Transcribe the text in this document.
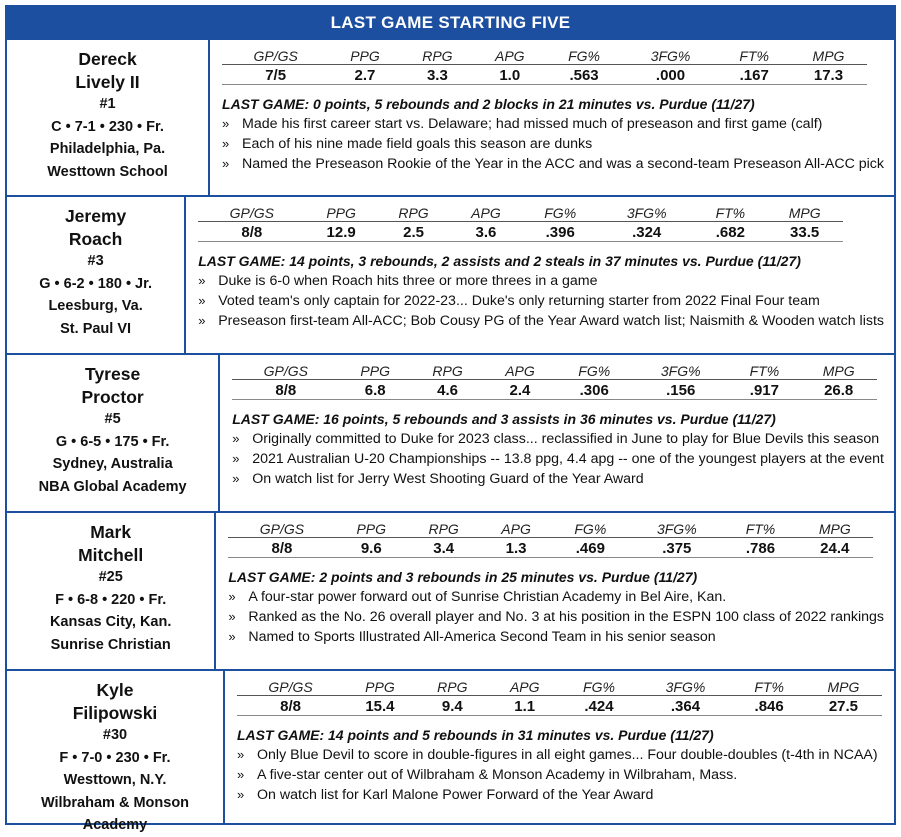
LAST GAME STARTING FIVE
Dereck
Lively II
#1
C • 7-1 • 230 • Fr.
Philadelphia, Pa.
Westtown School
GP/GS	PPG	RPG	APG	FG%	3FG%	FT%	MPG
7/5	2.7	3.3	1.0	.563	.000	.167	17.3
LAST GAME: 0 points, 5 rebounds and 2 blocks in 21 minutes vs. Purdue (11/27)
» Made his first career start vs. Delaware; had missed much of preseason and first game (calf)
» Each of his nine made field goals this season are dunks
» Named the Preseason Rookie of the Year in the ACC and was a second-team Preseason All-ACC pick
Jeremy
Roach
#3
G • 6-2 • 180 • Jr.
Leesburg, Va.
St. Paul VI
GP/GS	PPG	RPG	APG	FG%	3FG%	FT%	MPG
8/8	12.9	2.5	3.6	.396	.324	.682	33.5
LAST GAME: 14 points, 3 rebounds, 2 assists and 2 steals in 37 minutes vs. Purdue (11/27)
» Duke is 6-0 when Roach hits three or more threes in a game
» Voted team's only captain for 2022-23... Duke's only returning starter from 2022 Final Four team
» Preseason first-team All-ACC; Bob Cousy PG of the Year Award watch list; Naismith & Wooden watch lists
Tyrese
Proctor
#5
G • 6-5 • 175 • Fr.
Sydney, Australia
NBA Global Academy
GP/GS	PPG	RPG	APG	FG%	3FG%	FT%	MPG
8/8	6.8	4.6	2.4	.306	.156	.917	26.8
LAST GAME: 16 points, 5 rebounds and 3 assists in 36 minutes vs. Purdue (11/27)
» Originally committed to Duke for 2023 class... reclassified in June to play for Blue Devils this season
» 2021 Australian U-20 Championships -- 13.8 ppg, 4.4 apg -- one of the youngest players at the event
» On watch list for Jerry West Shooting Guard of the Year Award
Mark
Mitchell
#25
F • 6-8 • 220 • Fr.
Kansas City, Kan.
Sunrise Christian
GP/GS	PPG	RPG	APG	FG%	3FG%	FT%	MPG
8/8	9.6	3.4	1.3	.469	.375	.786	24.4
LAST GAME: 2 points and 3 rebounds in 25 minutes vs. Purdue (11/27)
» A four-star power forward out of Sunrise Christian Academy in Bel Aire, Kan.
» Ranked as the No. 26 overall player and No. 3 at his position in the ESPN 100 class of 2022 rankings
» Named to Sports Illustrated All-America Second Team in his senior season
Kyle
Filipowski
#30
F • 7-0 • 230 • Fr.
Westtown, N.Y.
Wilbraham & Monson Academy
GP/GS	PPG	RPG	APG	FG%	3FG%	FT%	MPG
8/8	15.4	9.4	1.1	.424	.364	.846	27.5
LAST GAME: 14 points and 5 rebounds in 31 minutes vs. Purdue (11/27)
» Only Blue Devil to score in double-figures in all eight games... Four double-doubles (t-4th in NCAA)
» A five-star center out of Wilbraham & Monson Academy in Wilbraham, Mass.
» On watch list for Karl Malone Power Forward of the Year Award
